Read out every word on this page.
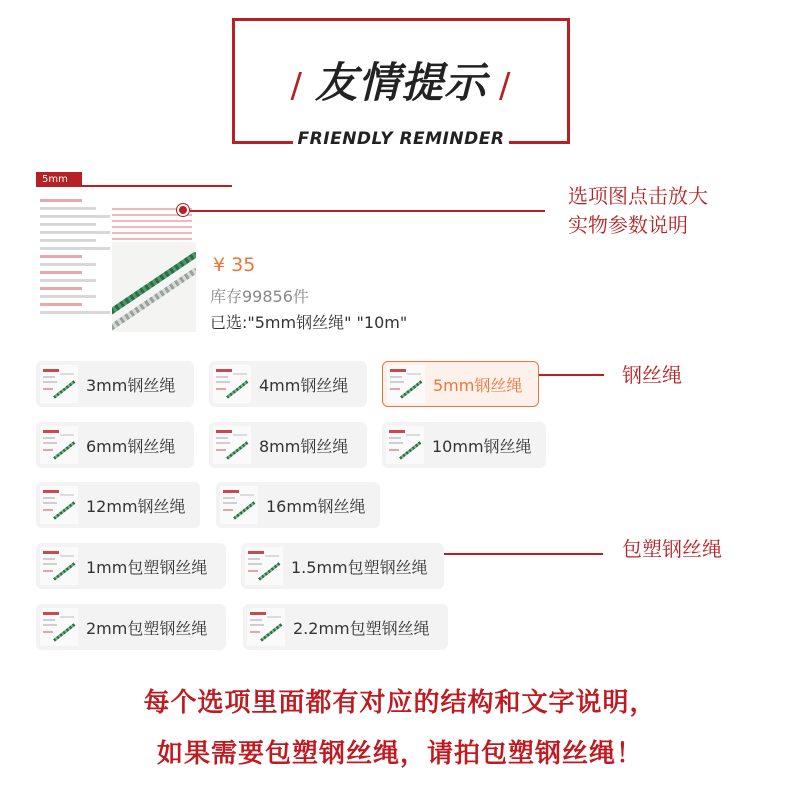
/ 友情提示 /
FRIENDLY REMINDER
5mm
¥ 35
库存99856件
已选:"5mm钢丝绳" "10m"
选项图点击放大
实物参数说明
钢丝绳
包塑钢丝绳
3mm钢丝绳	4mm钢丝绳	5mm钢丝绳
6mm钢丝绳	8mm钢丝绳	10mm钢丝绳
12mm钢丝绳	16mm钢丝绳
1mm包塑钢丝绳	1.5mm包塑钢丝绳
2mm包塑钢丝绳	2.2mm包塑钢丝绳
每个选项里面都有对应的结构和文字说明，
如果需要包塑钢丝绳，请拍包塑钢丝绳！
